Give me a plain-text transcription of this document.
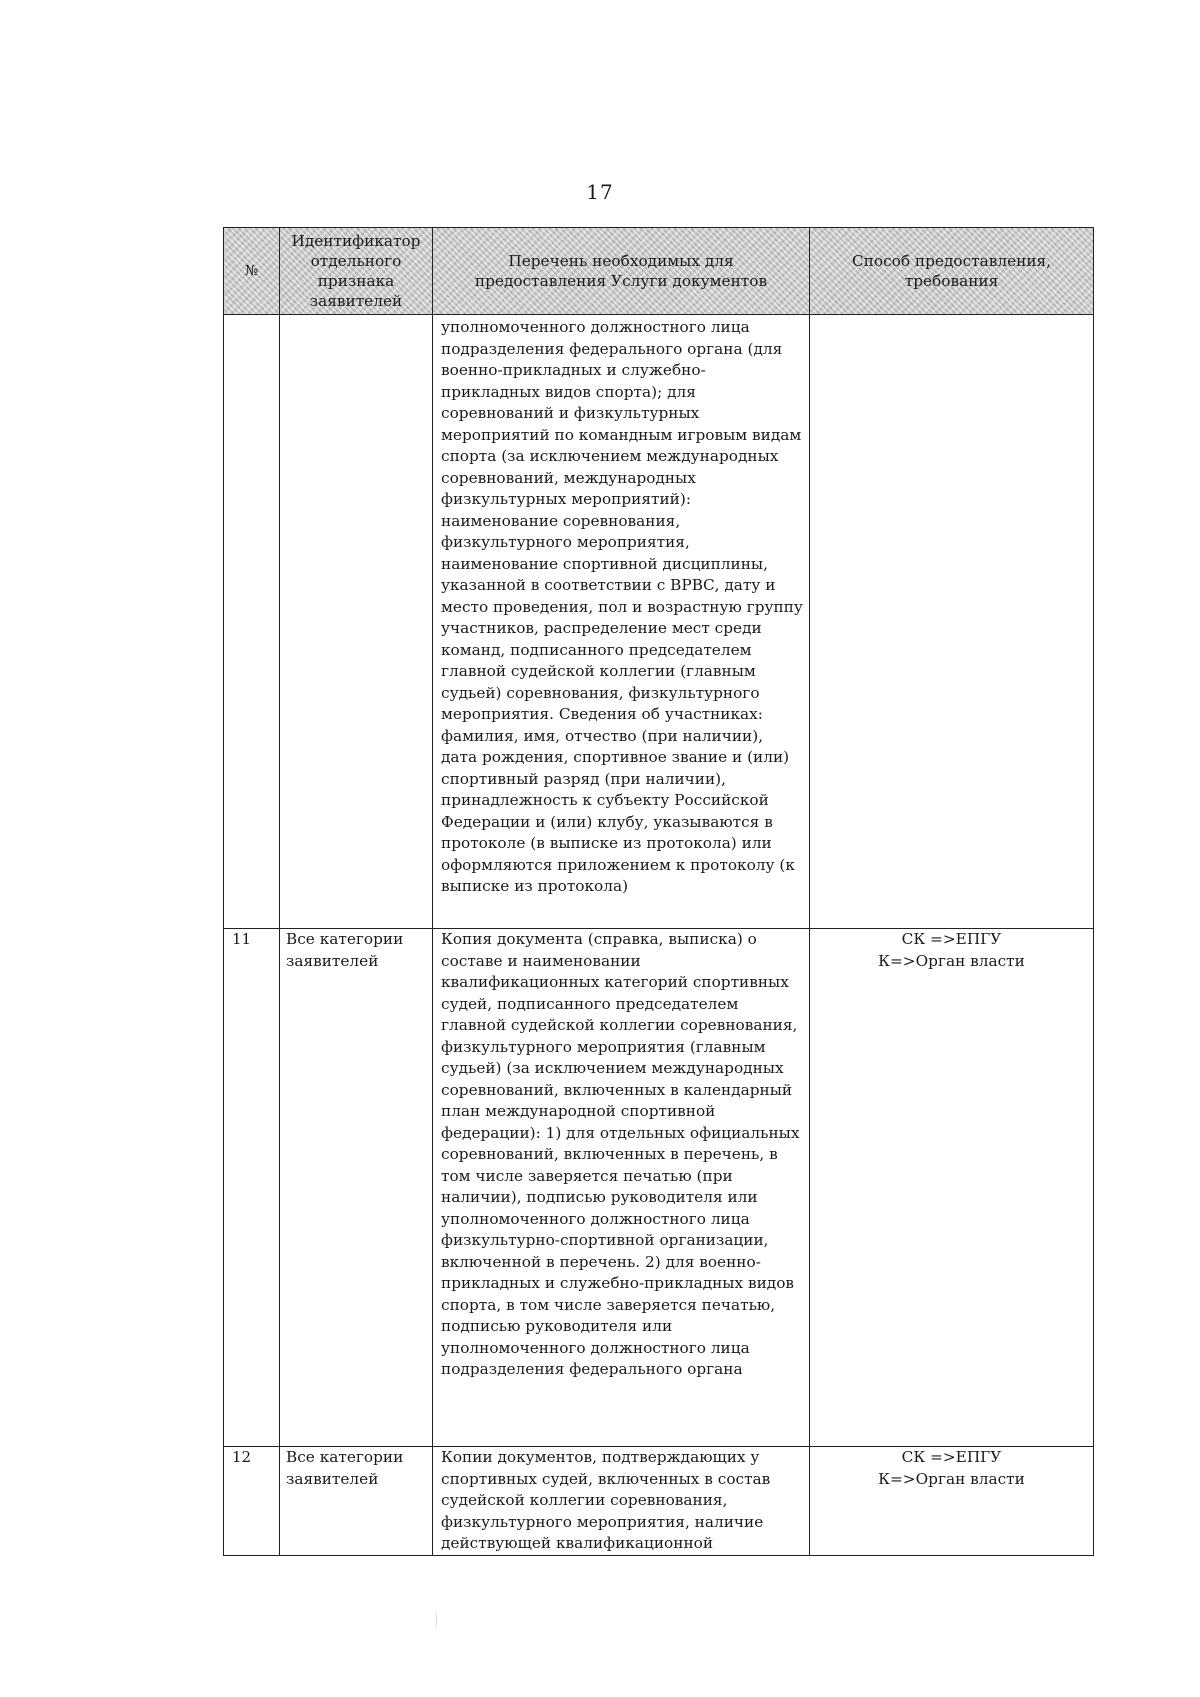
17
№	Идентификатор отдельного признака заявителей	Перечень необходимых для предоставления Услуги документов	Способ предоставления, требования
		уполномоченного должностного лица подразделения федерального органа (для военно-прикладных и служебно-прикладных видов спорта); для соревнований и физкультурных мероприятий по командным игровым видам спорта (за исключением международных соревнований, международных физкультурных мероприятий): наименование соревнования, физкультурного мероприятия, наименование спортивной дисциплины, указанной в соответствии с ВРВС, дату и место проведения, пол и возрастную группу участников, распределение мест среди команд, подписанного председателем главной судейской коллегии (главным судьей) соревнования, физкультурного мероприятия. Сведения об участниках: фамилия, имя, отчество (при наличии), дата рождения, спортивное звание и (или) спортивный разряд (при наличии), принадлежность к субъекту Российской Федерации и (или) клубу, указываются в протоколе (в выписке из протокола) или оформляются приложением к протоколу (к выписке из протокола)	

11	Все категории заявителей	Копия документа (справка, выписка) о составе и наименовании квалификационных категорий спортивных судей, подписанного председателем главной судейской коллегии соревнования, физкультурного мероприятия (главным судьей) (за исключением международных соревнований, включенных в календарный план международной спортивной федерации): 1) для отдельных официальных соревнований, включенных в перечень, в том числе заверяется печатью (при наличии), подписью руководителя или уполномоченного должностного лица физкультурно-спортивной организации, включенной в перечень. 2) для военно-прикладных и служебно-прикладных видов спорта, в том числе заверяется печатью, подписью руководителя или уполномоченного должностного лица подразделения федерального органа	СК =>ЕПГУ
К=>Орган власти

12	Все категории заявителей	Копии документов, подтверждающих у спортивных судей, включенных в состав судейской коллегии соревнования, физкультурного мероприятия, наличие действующей квалификационной	СК =>ЕПГУ
К=>Орган власти
